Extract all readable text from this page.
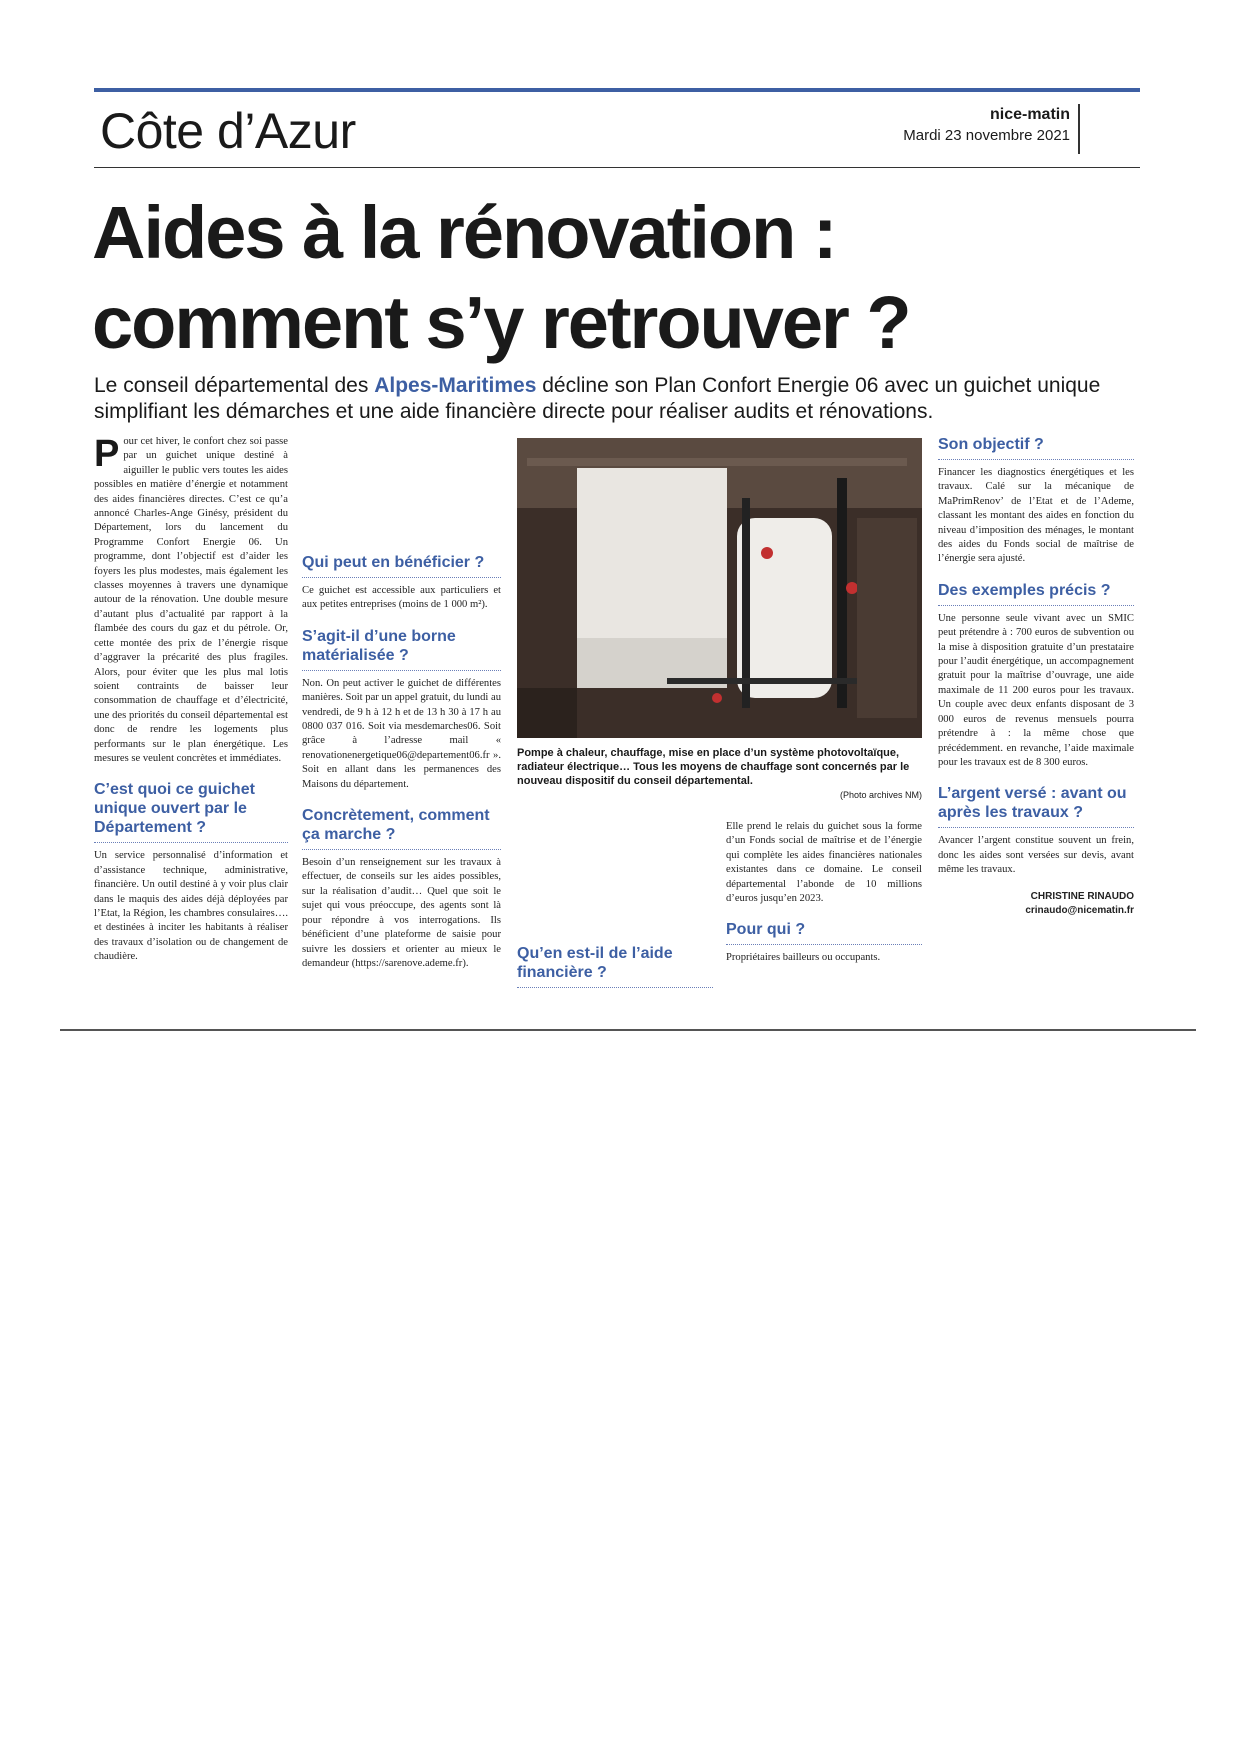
Côte d’Azur	nice-matin
Mardi 23 novembre 2021
Aides à la rénovation :
comment s’y retrouver ?

Le conseil départemental des Alpes-Maritimes décline son Plan Confort Energie 06 avec un guichet unique simplifiant les démarches et une aide financière directe pour réaliser audits et rénovations.

Pour cet hiver, le confort chez soi passe par un guichet unique destiné à aiguiller le public vers toutes les aides possibles en matière d’énergie et notamment des aides financières directes. C’est ce qu’a annoncé Charles-Ange Ginésy, président du Département, lors du lancement du Programme Confort Energie 06. Un programme, dont l’objectif est d’aider les foyers les plus modestes, mais également les classes moyennes à travers une dynamique autour de la rénovation. Une double mesure d’autant plus d’actualité par rapport à la flambée des cours du gaz et du pétrole. Or, cette montée des prix de l’énergie risque d’aggraver la précarité des plus fragiles. Alors, pour éviter que les plus mal lotis soient contraints de baisser leur consommation de chauffage et d’électricité, une des priorités du conseil départemental est donc de rendre les logements plus performants sur le plan énergétique. Les mesures se veulent concrètes et immédiates.

C’est quoi ce guichet unique ouvert par le Département ?

Un service personnalisé d’information et d’assistance technique, administrative, financière. Un outil destiné à y voir plus clair dans le maquis des aides déjà déployées par l’Etat, la Région, les chambres consulaires…. et destinées à inciter les habitants à réaliser des travaux d’isolation ou de changement de chaudière.

Qui peut en bénéficier ?

Ce guichet est accessible aux particuliers et aux petites entreprises (moins de 1 000 m²).

S’agit-il d’une borne matérialisée ?

Non. On peut activer le guichet de différentes manières. Soit par un appel gratuit, du lundi au vendredi, de 9 h à 12 h et de 13 h 30 à 17 h au 0800 037 016. Soit via mesdemarches06. Soit grâce à l’adresse mail « renovationenergetique06@departement06.fr ». Soit en allant dans les permanences des Maisons du département.

Concrètement, comment ça marche ?

Besoin d’un renseignement sur les travaux à effectuer, de conseils sur les aides possibles, sur la réalisation d’audit… Quel que soit le sujet qui vous préoccupe, des agents sont là pour répondre à vos interrogations. Ils bénéficient d’une plateforme de saisie pour suivre les dossiers et orienter au mieux le demandeur (https://sarenove.ademe.fr).

Pompe à chaleur, chauffage, mise en place d’un système photovoltaïque, radiateur électrique… Tous les moyens de chauffage sont concernés par le nouveau dispositif du conseil départemental.
(Photo archives NM)
Qu’en est-il de l’aide financière ?

Elle prend le relais du guichet sous la forme d’un Fonds social de maîtrise et de l’énergie qui complète les aides financières nationales existantes dans ce domaine. Le conseil départemental l’abonde de 10 millions d’euros jusqu’en 2023.

Pour qui ?

Propriétaires bailleurs ou occupants.

Son objectif ?

Financer les diagnostics énergétiques et les travaux. Calé sur la mécanique de MaPrimRenov’ de l’Etat et de l’Ademe, classant les montant des aides en fonction du niveau d’imposition des ménages, le montant des aides du Fonds social de maîtrise de l’énergie sera ajusté.

Des exemples précis ?

Une personne seule vivant avec un SMIC peut prétendre à : 700 euros de subvention ou la mise à disposition gratuite d’un prestataire pour l’audit énergétique, un accompagnement gratuit pour la maîtrise d’ouvrage, une aide maximale de 11 200 euros pour les travaux. Un couple avec deux enfants disposant de 3 000 euros de revenus mensuels pourra prétendre à : la même chose que précédemment. en revanche, l’aide maximale pour les travaux est de 8 300 euros.

L’argent versé : avant ou après les travaux ?

Avancer l’argent constitue souvent un frein, donc les aides sont versées sur devis, avant même les travaux.

CHRISTINE RINAUDO
crinaudo@nicematin.fr
